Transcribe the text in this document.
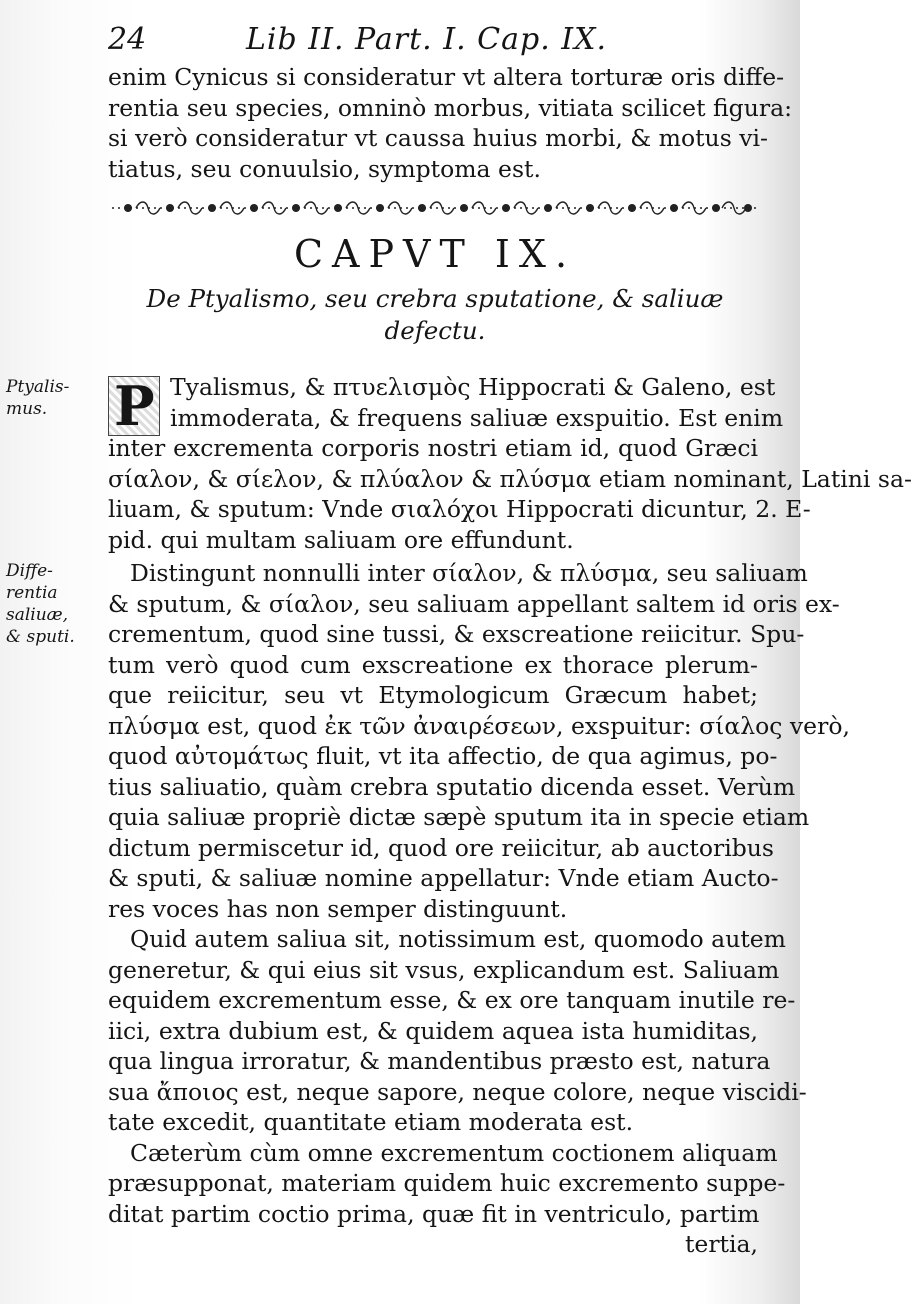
24	Lib II. Part. I. Cap. IX.
enim Cynicus si consideratur vt altera torturæ oris diffe-
rentia seu species, omninò morbus, vitiata scilicet figura:
si verò consideratur vt caussa huius morbi, & motus vi-
tiatus, seu conuulsio, symptoma est.
CAPVT IX.
De Ptyalismo, seu crebra sputatione, & saliuæ
defectu.
Ptyalis-
mus.
Diffe-
rentia
saliuæ,
& sputi.
P Tyalismus, & πτυελισμὸς Hippocrati & Galeno, est
immoderata, & frequens saliuæ exspuitio. Est enim
inter excrementa corporis nostri etiam id, quod Græci
σίαλον, & σίελον, & πλύαλον & πλύσμα etiam nominant, Latini sa-
liuam, & sputum: Vnde σιαλόχοι Hippocrati dicuntur, 2. E-
pid. qui multam saliuam ore effundunt.
Distingunt nonnulli inter σίαλον, & πλύσμα, seu saliuam
& sputum, & σίαλον, seu saliuam appellant saltem id oris ex-
crementum, quod sine tussi, & exscreatione reiicitur. Spu-
tum verò quod cum exscreatione ex thorace plerum-
que reiicitur, seu vt Etymologicum Græcum habet;
πλύσμα est, quod ἐκ τῶν ἀναιρέσεων, exspuitur: σίαλος verò,
quod αὐτομάτως fluit, vt ita affectio, de qua agimus, po-
tius saliuatio, quàm crebra sputatio dicenda esset. Verùm
quia saliuæ propriè dictæ sæpè sputum ita in specie etiam
dictum permiscetur id, quod ore reiicitur, ab auctoribus
& sputi, & saliuæ nomine appellatur: Vnde etiam Aucto-
res voces has non semper distinguunt.
Quid autem saliua sit, notissimum est, quomodo autem
generetur, & qui eius sit vsus, explicandum est. Saliuam
equidem excrementum esse, & ex ore tanquam inutile re-
iici, extra dubium est, & quidem aquea ista humiditas,
qua lingua irroratur, & mandentibus præsto est, natura
sua ἄποιος est, neque sapore, neque colore, neque viscidi-
tate excedit, quantitate etiam moderata est.
Cæterùm cùm omne excrementum coctionem aliquam
præsupponat, materiam quidem huic excremento suppe-
ditat partim coctio prima, quæ fit in ventriculo, partim
tertia,
